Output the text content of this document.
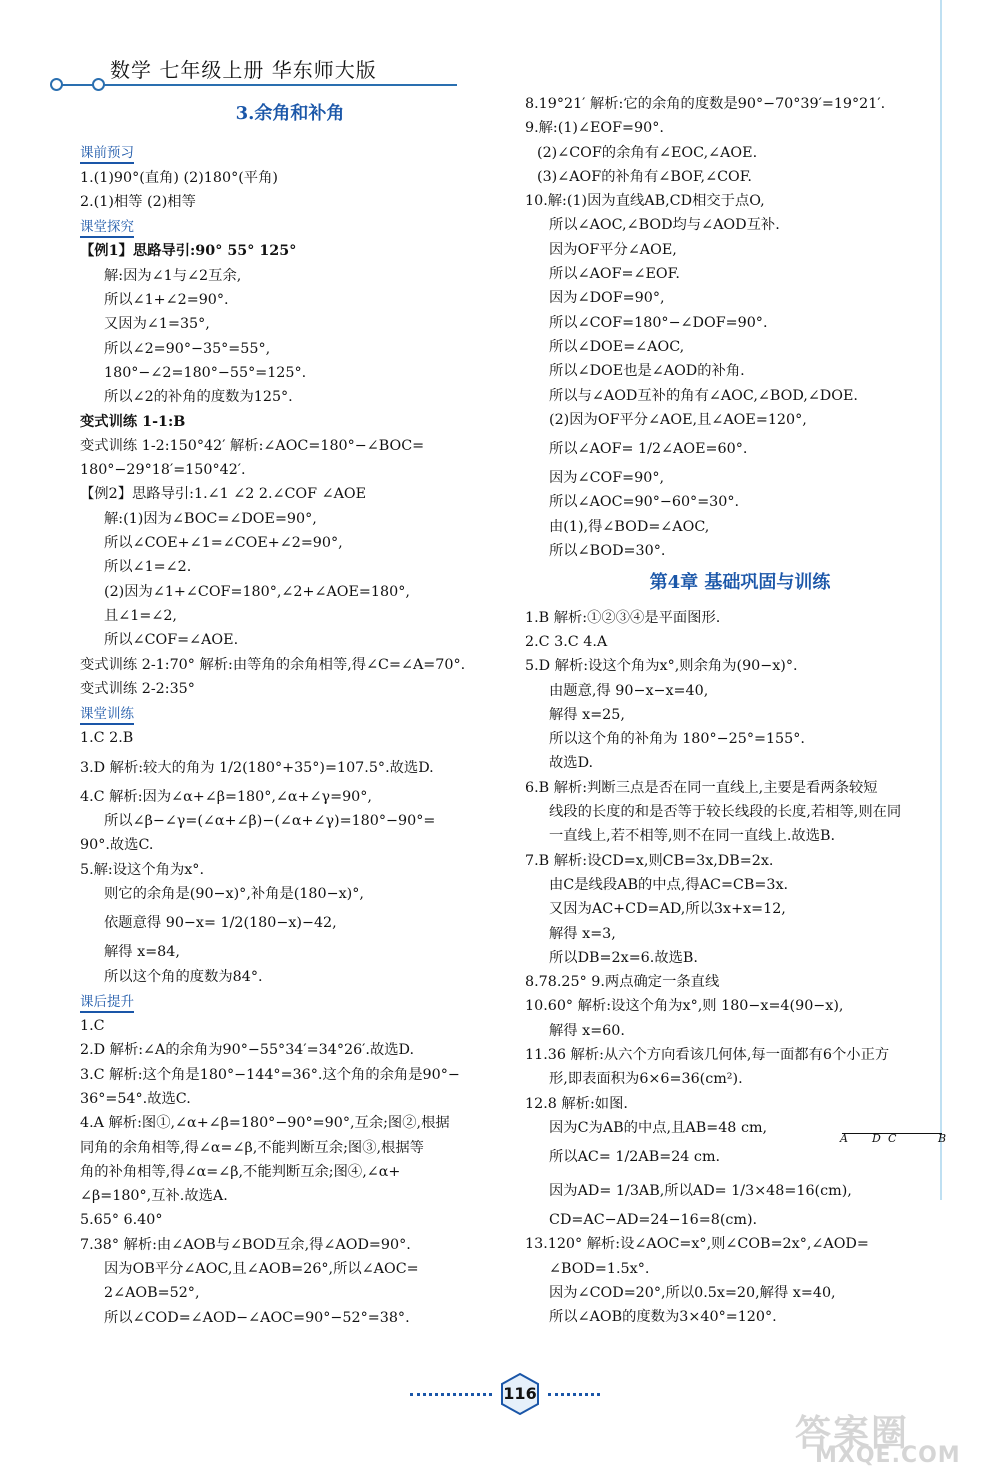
数学 七年级上册 华东师大版

3.余角和补角

课前预习

1.(1)90°(直角) (2)180°(平角)

2.(1)相等 (2)相等

课堂探究

【例1】思路导引:90° 55° 125°

解:因为∠1与∠2互余,

所以∠1+∠2=90°.

又因为∠1=35°,

所以∠2=90°−35°=55°,

180°−∠2=180°−55°=125°.

所以∠2的补角的度数为125°.

变式训练 1-1:B

变式训练 1-2:150°42′ 解析:∠AOC=180°−∠BOC=

180°−29°18′=150°42′.

【例2】思路导引:1.∠1 ∠2 2.∠COF ∠AOE

解:(1)因为∠BOC=∠DOE=90°,

所以∠COE+∠1=∠COE+∠2=90°,

所以∠1=∠2.

(2)因为∠1+∠COF=180°,∠2+∠AOE=180°,

且∠1=∠2,

所以∠COF=∠AOE.

变式训练 2-1:70° 解析:由等角的余角相等,得∠C=∠A=70°.

变式训练 2-2:35°

课堂训练

1.C 2.B

3.D 解析:较大的角为 1/2(180°+35°)=107.5°.故选D.

4.C 解析:因为∠α+∠β=180°,∠α+∠γ=90°,

所以∠β−∠γ=(∠α+∠β)−(∠α+∠γ)=180°−90°=

90°.故选C.

5.解:设这个角为x°.

则它的余角是(90−x)°,补角是(180−x)°,

依题意得 90−x= 1/2(180−x)−42,

解得 x=84,

所以这个角的度数为84°.

课后提升

1.C

2.D 解析:∠A的余角为90°−55°34′=34°26′.故选D.

3.C 解析:这个角是180°−144°=36°.这个角的余角是90°−

36°=54°.故选C.

4.A 解析:图①,∠α+∠β=180°−90°=90°,互余;图②,根据

同角的余角相等,得∠α=∠β,不能判断互余;图③,根据等

角的补角相等,得∠α=∠β,不能判断互余;图④,∠α+

∠β=180°,互补.故选A.

5.65° 6.40°

7.38° 解析:由∠AOB与∠BOD互余,得∠AOD=90°.

因为OB平分∠AOC,且∠AOB=26°,所以∠AOC=

2∠AOB=52°,

所以∠COD=∠AOD−∠AOC=90°−52°=38°.

8.19°21′ 解析:它的余角的度数是90°−70°39′=19°21′.

9.解:(1)∠EOF=90°.

(2)∠COF的余角有∠EOC,∠AOE.

(3)∠AOF的补角有∠BOF,∠COF.

10.解:(1)因为直线AB,CD相交于点O,

所以∠AOC,∠BOD均与∠AOD互补.

因为OF平分∠AOE,

所以∠AOF=∠EOF.

因为∠DOF=90°,

所以∠COF=180°−∠DOF=90°.

所以∠DOE=∠AOC,

所以∠DOE也是∠AOD的补角.

所以与∠AOD互补的角有∠AOC,∠BOD,∠DOE.

(2)因为OF平分∠AOE,且∠AOE=120°,

所以∠AOF= 1/2∠AOE=60°.

因为∠COF=90°,

所以∠AOC=90°−60°=30°.

由(1),得∠BOD=∠AOC,

所以∠BOD=30°.

第4章 基础巩固与训练

1.B 解析:①②③④是平面图形.

2.C 3.C 4.A

5.D 解析:设这个角为x°,则余角为(90−x)°.

由题意,得 90−x−x=40,

解得 x=25,

所以这个角的补角为 180°−25°=155°.

故选D.

6.B 解析:判断三点是否在同一直线上,主要是看两条较短

线段的长度的和是否等于较长线段的长度,若相等,则在同

一直线上,若不相等,则不在同一直线上.故选B.

7.B 解析:设CD=x,则CB=3x,DB=2x.

由C是线段AB的中点,得AC=CB=3x.

又因为AC+CD=AD,所以3x+x=12,

解得 x=3,

所以DB=2x=6.故选B.

8.78.25° 9.两点确定一条直线

10.60° 解析:设这个角为x°,则 180−x=4(90−x),

解得 x=60.

11.36 解析:从六个方向看该几何体,每一面都有6个小正方

形,即表面积为6×6=36(cm²).

12.8 解析:如图.

因为C为AB的中点,且AB=48 cm,

所以AC= 1/2AB=24 cm.

因为AD= 1/3AB,所以AD= 1/3×48=16(cm),

CD=AC−AD=24−16=8(cm).

13.120° 解析:设∠AOC=x°,则∠COB=2x°,∠AOD=

∠BOD=1.5x°.

因为∠COD=20°,所以0.5x=20,解得 x=40,

所以∠AOB的度数为3×40°=120°.

A D C	B
116
答案圈
MXQE.COM
